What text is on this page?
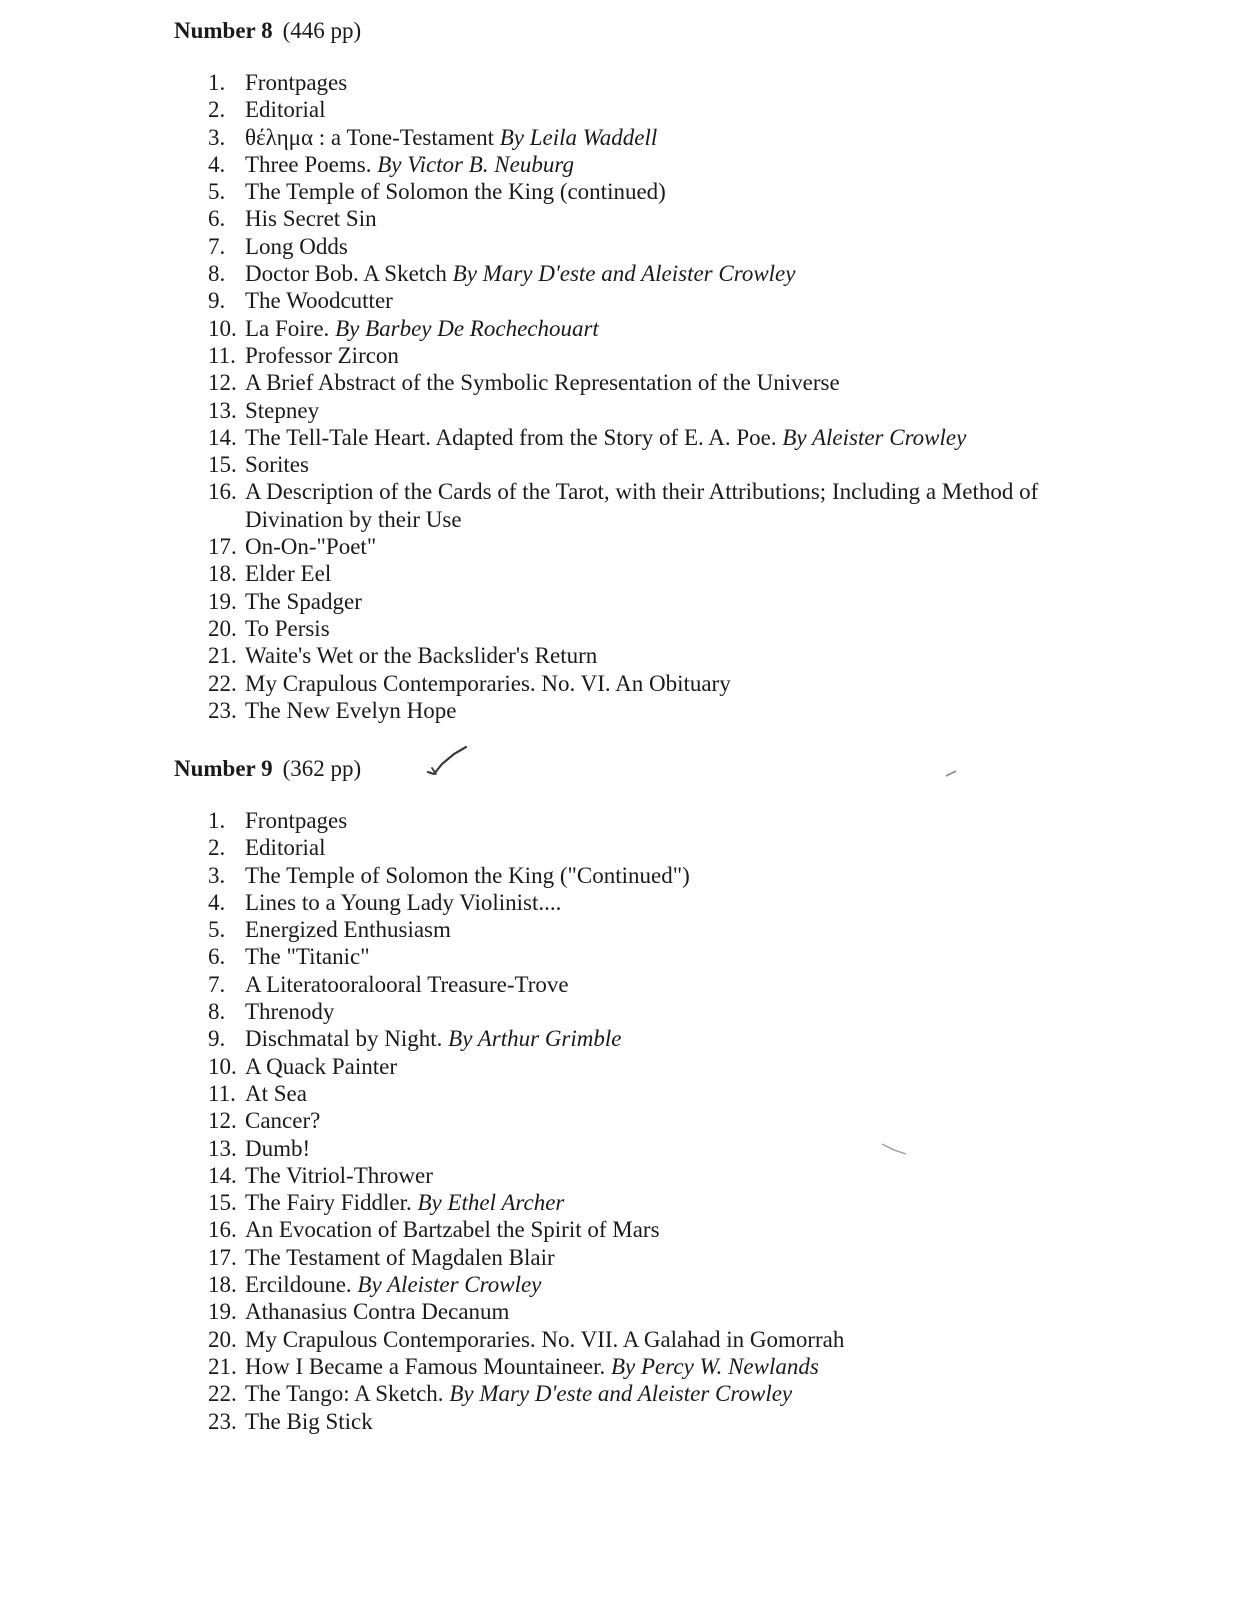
Number 8 (446 pp)
1. Frontpages
2. Editorial
3. θέλημα : a Tone-Testament By Leila Waddell
4. Three Poems. By Victor B. Neuburg
5. The Temple of Solomon the King (continued)
6. His Secret Sin
7. Long Odds
8. Doctor Bob. A Sketch By Mary D'este and Aleister Crowley
9. The Woodcutter
10. La Foire. By Barbey De Rochechouart
11. Professor Zircon
12. A Brief Abstract of the Symbolic Representation of the Universe
13. Stepney
14. The Tell-Tale Heart. Adapted from the Story of E. A. Poe. By Aleister Crowley
15. Sorites
16. A Description of the Cards of the Tarot, with their Attributions; Including a Method of Divination by their Use
17. On-On-"Poet"
18. Elder Eel
19. The Spadger
20. To Persis
21. Waite's Wet or the Backslider's Return
22. My Crapulous Contemporaries. No. VI. An Obituary
23. The New Evelyn Hope
Number 9 (362 pp)
1. Frontpages
2. Editorial
3. The Temple of Solomon the King ("Continued")
4. Lines to a Young Lady Violinist....
5. Energized Enthusiasm
6. The "Titanic"
7. A Literatooralooral Treasure-Trove
8. Threnody
9. Dischmatal by Night. By Arthur Grimble
10. A Quack Painter
11. At Sea
12. Cancer?
13. Dumb!
14. The Vitriol-Thrower
15. The Fairy Fiddler. By Ethel Archer
16. An Evocation of Bartzabel the Spirit of Mars
17. The Testament of Magdalen Blair
18. Ercildoune. By Aleister Crowley
19. Athanasius Contra Decanum
20. My Crapulous Contemporaries. No. VII. A Galahad in Gomorrah
21. How I Became a Famous Mountaineer. By Percy W. Newlands
22. The Tango: A Sketch. By Mary D'este and Aleister Crowley
23. The Big Stick
